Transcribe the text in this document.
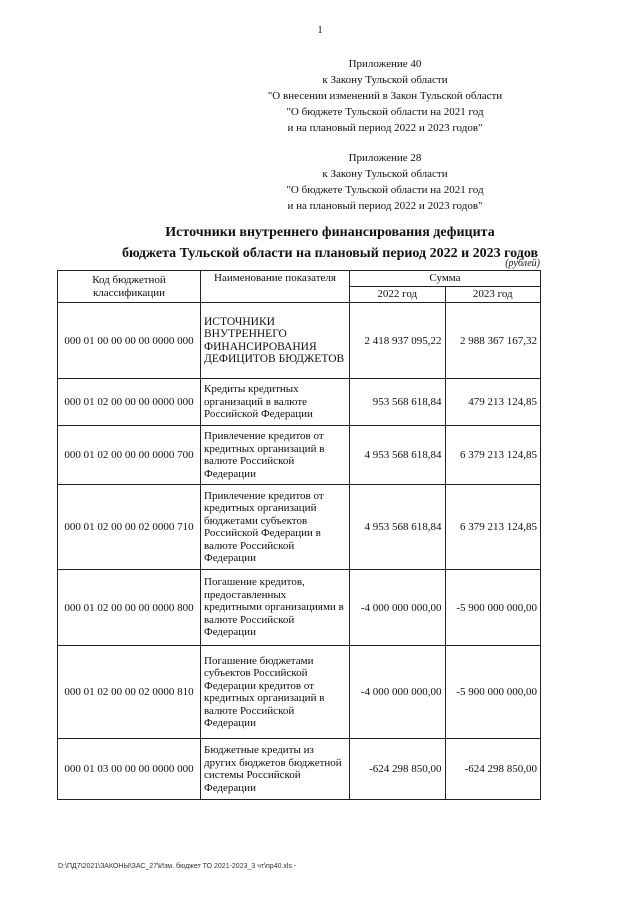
1
Приложение 40
к Закону Тульской области
"О внесении изменений в Закон Тульской области
"О бюджете Тульской области на 2021 год
и на плановый период 2022 и 2023 годов"
Приложение 28
к Закону Тульской области
"О бюджете Тульской области на 2021 год
и на плановый период 2022 и 2023 годов"
Источники внутреннего финансирования дефицита
бюджета Тульской области на плановый период 2022 и 2023 годов
(рублей)
Код бюджетной классификации	Наименование показателя	Сумма	
		2022 год	2023 год
000 01 00 00 00 00 0000 000	ИСТОЧНИКИ ВНУТРЕННЕГО ФИНАНСИРОВАНИЯ ДЕФИЦИТОВ БЮДЖЕТОВ	2 418 937 095,22	2 988 367 167,32
000 01 02 00 00 00 0000 000	Кредиты кредитных организаций в валюте Российской Федерации	953 568 618,84	479 213 124,85
000 01 02 00 00 00 0000 700	Привлечение кредитов от кредитных организаций в валюте Российской Федерации	4 953 568 618,84	6 379 213 124,85
000 01 02 00 00 02 0000 710	Привлечение кредитов от кредитных организаций бюджетами субъектов Российской Федерации в валюте Российской Федерации	4 953 568 618,84	6 379 213 124,85
000 01 02 00 00 00 0000 800	Погашение кредитов, предоставленных кредитными организациями в валюте Российской Федерации	-4 000 000 000,00	-5 900 000 000,00
000 01 02 00 00 02 0000 810	Погашение бюджетами субъектов Российской Федерации кредитов от кредитных организаций в валюте Российской Федерации	-4 000 000 000,00	-5 900 000 000,00
000 01 03 00 00 00 0000 000	Бюджетные кредиты из других бюджетов бюджетной системы Российской Федерации	-624 298 850,00	-624 298 850,00
D:\ПД7\2021\ЗАКОНЫ\ЗАС_27\Изм. бюджет ТО 2021-2023_3 чт\пр40.xls -
